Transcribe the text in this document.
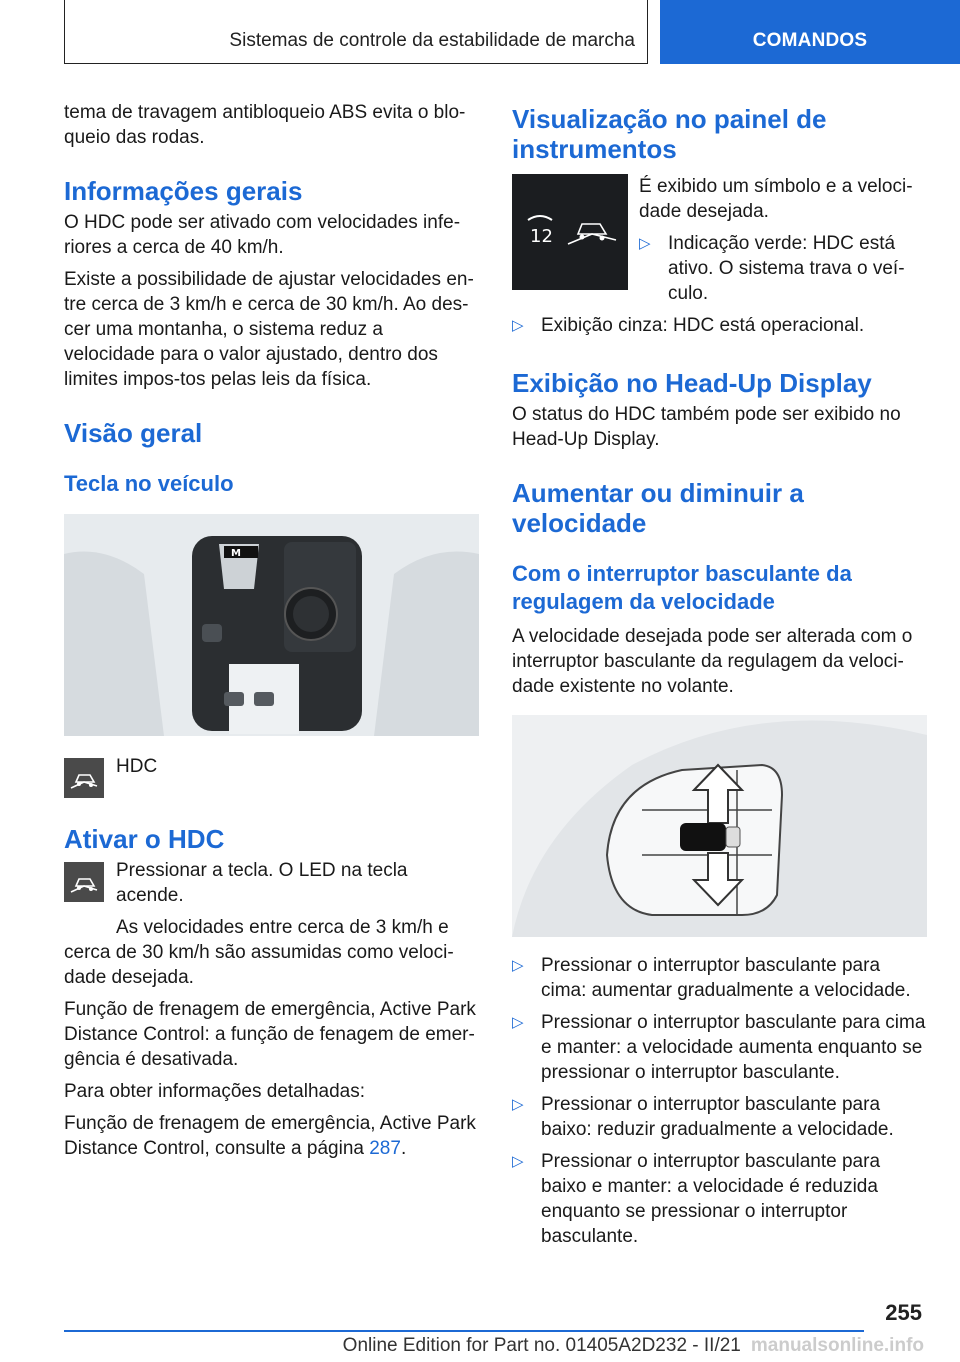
Sistemas de controle da estabilidade de marcha	COMANDOS

tema de travagem antibloqueio ABS evita o blo-queio das rodas.

Informações gerais

O HDC pode ser ativado com velocidades infe-riores a cerca de 40 km/h.

Existe a possibilidade de ajustar velocidades en-tre cerca de 3 km/h e cerca de 30 km/h. Ao des-cer uma montanha, o sistema reduz a velocidade para o valor ajustado, dentro dos limites impos-tos pelas leis da física.

Visão geral
Tecla no veículo
M

HDC

Ativar o HDC

Pressionar a tecla. O LED na tecla acende.

As velocidades entre cerca de 3 km/h e cerca de 30 km/h são assumidas como veloci-dade desejada.

Função de frenagem de emergência, Active Park Distance Control: a função de fenagem de emer-gência é desativada.

Para obter informações detalhadas:

Função de frenagem de emergência, Active Park Distance Control, consulte a página 287.

Visualização no painel de instrumentos
12

É exibido um símbolo e a veloci-dade desejada.

▷ Indicação verde: HDC está ativo. O sistema trava o veí-culo.
▷ Exibição cinza: HDC está operacional.
Exibição no Head-Up Display

O status do HDC também pode ser exibido no Head-Up Display.

Aumentar ou diminuir a velocidade
Com o interruptor basculante da regulagem da velocidade

A velocidade desejada pode ser alterada com o interruptor basculante da regulagem da veloci-dade existente no volante.

▷ Pressionar o interruptor basculante para cima: aumentar gradualmente a velocidade.
▷ Pressionar o interruptor basculante para cima e manter: a velocidade aumenta enquanto se pressionar o interruptor basculante.
▷ Pressionar o interruptor basculante para baixo: reduzir gradualmente a velocidade.
▷ Pressionar o interruptor basculante para baixo e manter: a velocidade é reduzida enquanto se pressionar o interruptor basculante.
255
Online Edition for Part no. 01405A2D232 - II/21 manualsonline.info
